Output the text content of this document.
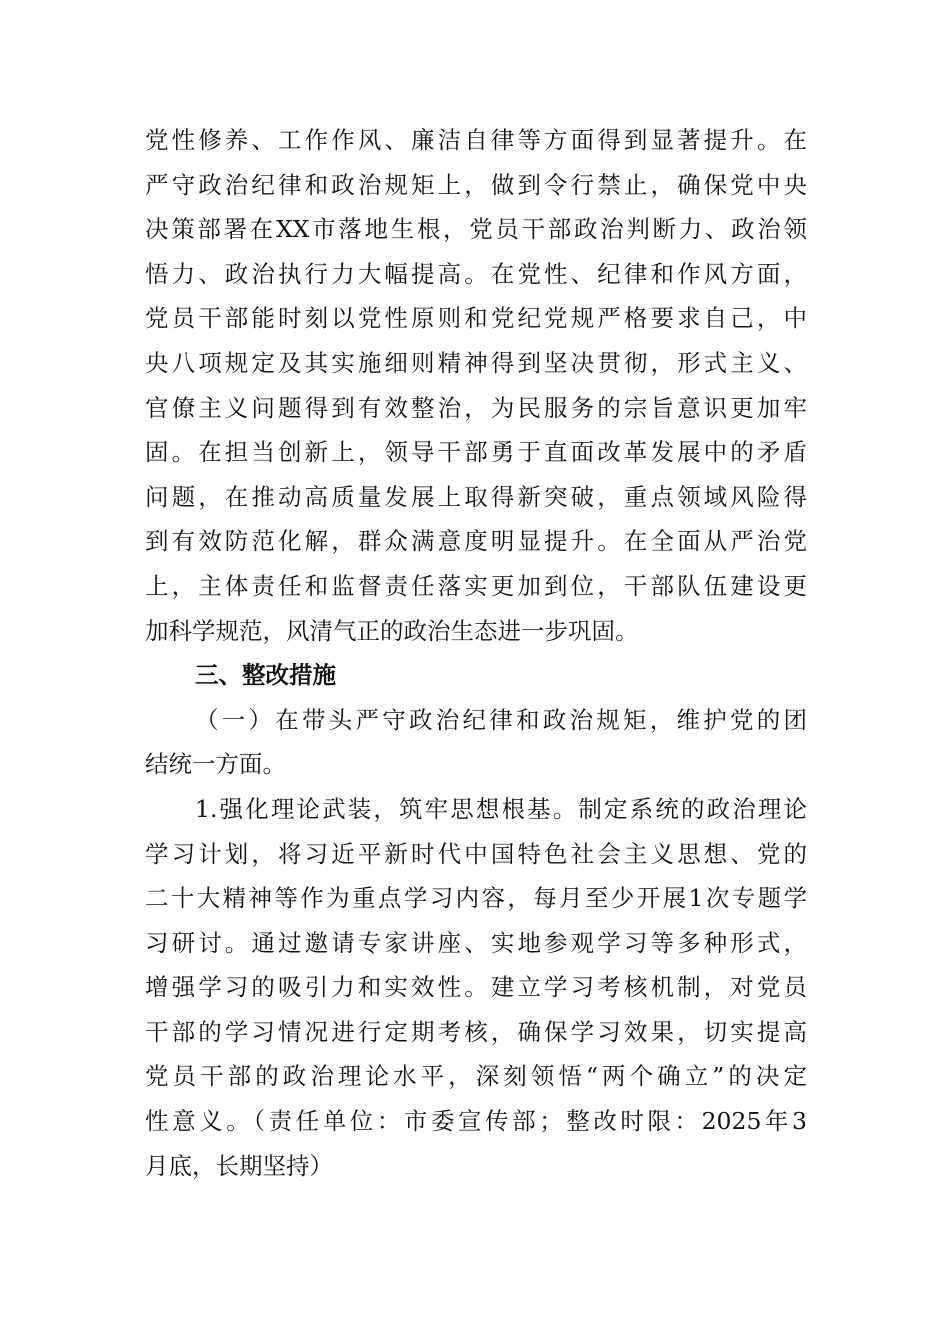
党性修养、工作作风、廉洁自律等方面得到显著提升。在
严守政治纪律和政治规矩上，做到令行禁止，确保党中央
决策部署在XX市落地生根，党员干部政治判断力、政治领
悟力、政治执行力大幅提高。在党性、纪律和作风方面，
党员干部能时刻以党性原则和党纪党规严格要求自己，中
央八项规定及其实施细则精神得到坚决贯彻，形式主义、
官僚主义问题得到有效整治，为民服务的宗旨意识更加牢
固。在担当创新上，领导干部勇于直面改革发展中的矛盾
问题，在推动高质量发展上取得新突破，重点领域风险得
到有效防范化解，群众满意度明显提升。在全面从严治党
上，主体责任和监督责任落实更加到位，干部队伍建设更
加科学规范，风清气正的政治生态进一步巩固。
三、整改措施
（一）在带头严守政治纪律和政治规矩，维护党的团
结统一方面。
1.强化理论武装，筑牢思想根基。制定系统的政治理论
学习计划，将习近平新时代中国特色社会主义思想、党的
二十大精神等作为重点学习内容，每月至少开展1次专题学
习研讨。通过邀请专家讲座、实地参观学习等多种形式，
增强学习的吸引力和实效性。建立学习考核机制，对党员
干部的学习情况进行定期考核，确保学习效果，切实提高
党员干部的政治理论水平，深刻领悟“两个确立”的决定
性意义。（责任单位：市委宣传部；整改时限：2025年3
月底，长期坚持）
